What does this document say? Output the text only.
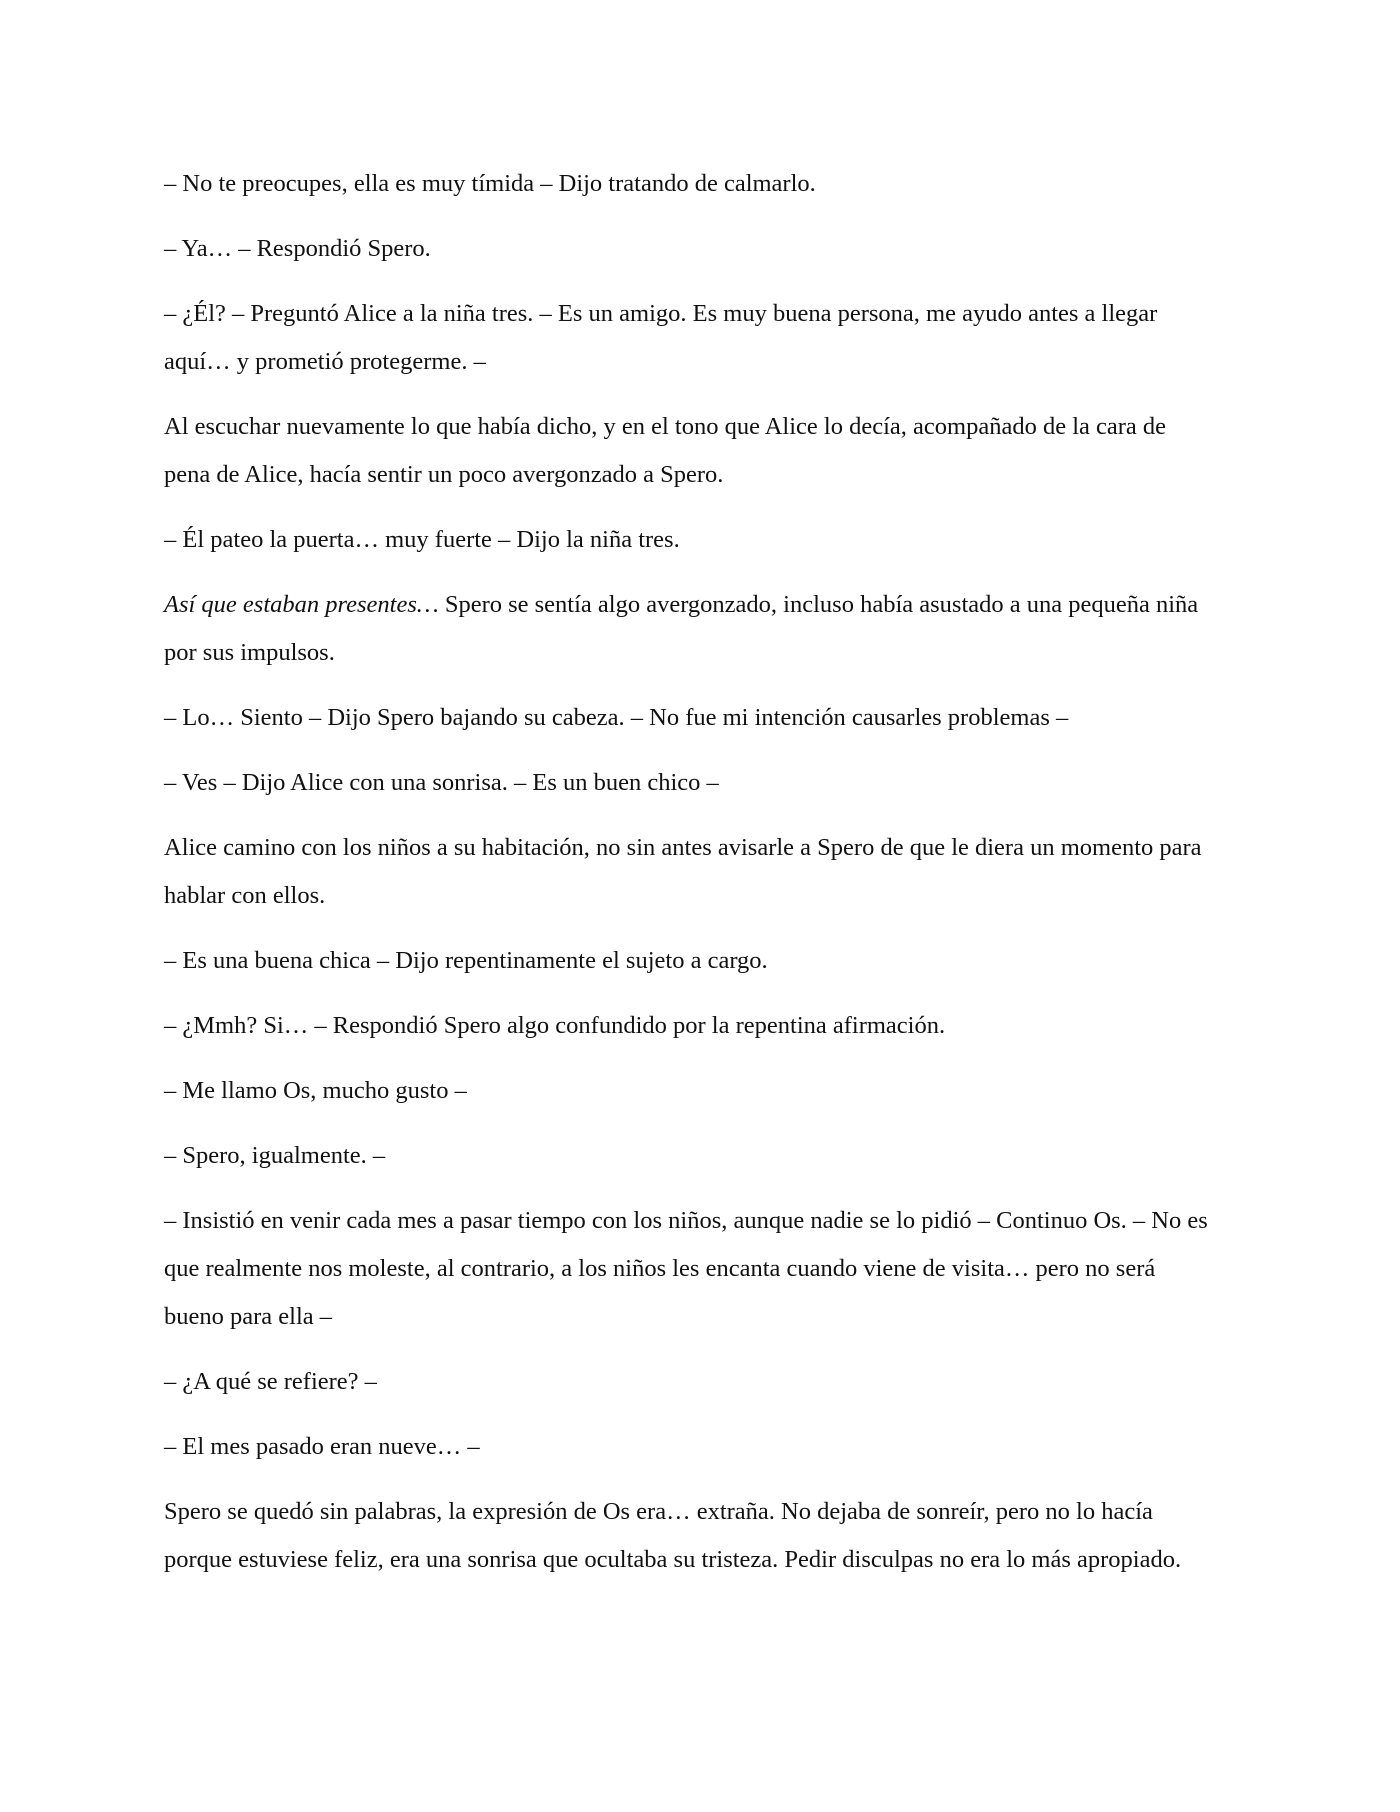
– No te preocupes, ella es muy tímida – Dijo tratando de calmarlo.

– Ya… – Respondió Spero.

– ¿Él? – Preguntó Alice a la niña tres. – Es un amigo. Es muy buena persona, me ayudo antes a llegar aquí… y prometió protegerme. –

Al escuchar nuevamente lo que había dicho, y en el tono que Alice lo decía, acompañado de la cara de pena de Alice, hacía sentir un poco avergonzado a Spero.

– Él pateo la puerta… muy fuerte – Dijo la niña tres.

Así que estaban presentes… Spero se sentía algo avergonzado, incluso había asustado a una pequeña niña por sus impulsos.

– Lo… Siento – Dijo Spero bajando su cabeza. – No fue mi intención causarles problemas –

– Ves – Dijo Alice con una sonrisa. – Es un buen chico –

Alice camino con los niños a su habitación, no sin antes avisarle a Spero de que le diera un momento para hablar con ellos.

– Es una buena chica – Dijo repentinamente el sujeto a cargo.

– ¿Mmh? Si… – Respondió Spero algo confundido por la repentina afirmación.

– Me llamo Os, mucho gusto –

– Spero, igualmente. –

– Insistió en venir cada mes a pasar tiempo con los niños, aunque nadie se lo pidió – Continuo Os. – No es que realmente nos moleste, al contrario, a los niños les encanta cuando viene de visita… pero no será bueno para ella –

– ¿A qué se refiere? –

– El mes pasado eran nueve… –

Spero se quedó sin palabras, la expresión de Os era… extraña. No dejaba de sonreír, pero no lo hacía porque estuviese feliz, era una sonrisa que ocultaba su tristeza. Pedir disculpas no era lo más apropiado.
